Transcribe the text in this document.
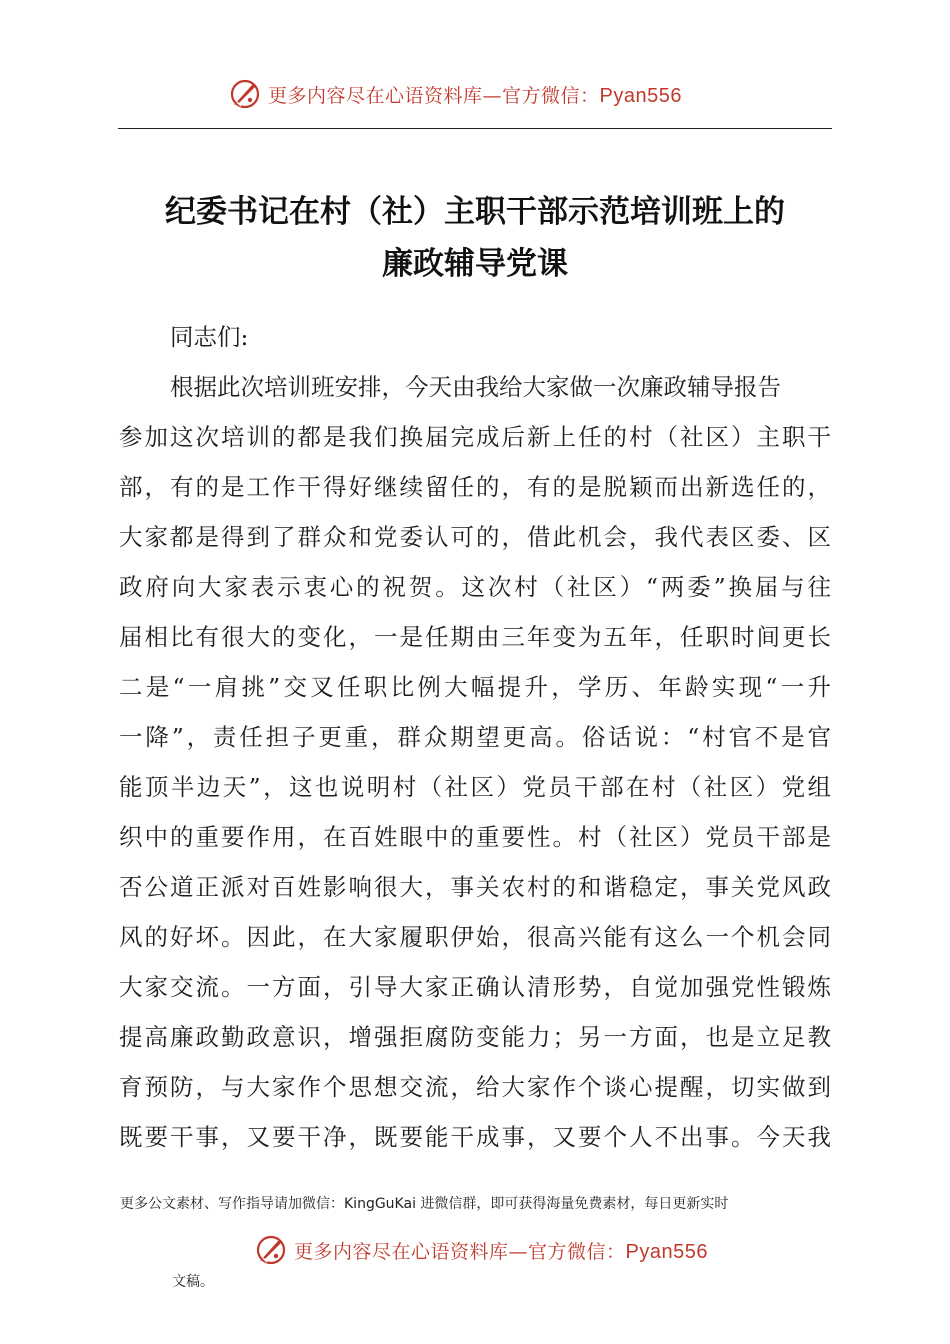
更多内容尽在心语资料库—官方微信：Pyan556
纪委书记在村（社）主职干部示范培训班上的
廉政辅导党课
同志们:
根据此次培训班安排，今天由我给大家做一次廉政辅导报告
参加这次培训的都是我们换届完成后新上任的村（社区）主职干
部，有的是工作干得好继续留任的，有的是脱颖而出新选任的，
大家都是得到了群众和党委认可的，借此机会，我代表区委、区
政府向大家表示衷心的祝贺。这次村（社区）“两委”换届与往
届相比有很大的变化，一是任期由三年变为五年，任职时间更长
二是“一肩挑”交叉任职比例大幅提升，学历、年龄实现“一升
一降”，责任担子更重，群众期望更高。俗话说：“村官不是官
能顶半边天”，这也说明村（社区）党员干部在村（社区）党组
织中的重要作用，在百姓眼中的重要性。村（社区）党员干部是
否公道正派对百姓影响很大，事关农村的和谐稳定，事关党风政
风的好坏。因此，在大家履职伊始，很高兴能有这么一个机会同
大家交流。一方面，引导大家正确认清形势，自觉加强党性锻炼
提高廉政勤政意识，增强拒腐防变能力；另一方面，也是立足教
育预防，与大家作个思想交流，给大家作个谈心提醒，切实做到
既要干事，又要干净，既要能干成事，又要个人不出事。今天我
更多公文素材、写作指导请加微信：KingGuKai 进微信群，即可获得海量免费素材，每日更新实时
更多内容尽在心语资料库—官方微信：Pyan556
文稿。
